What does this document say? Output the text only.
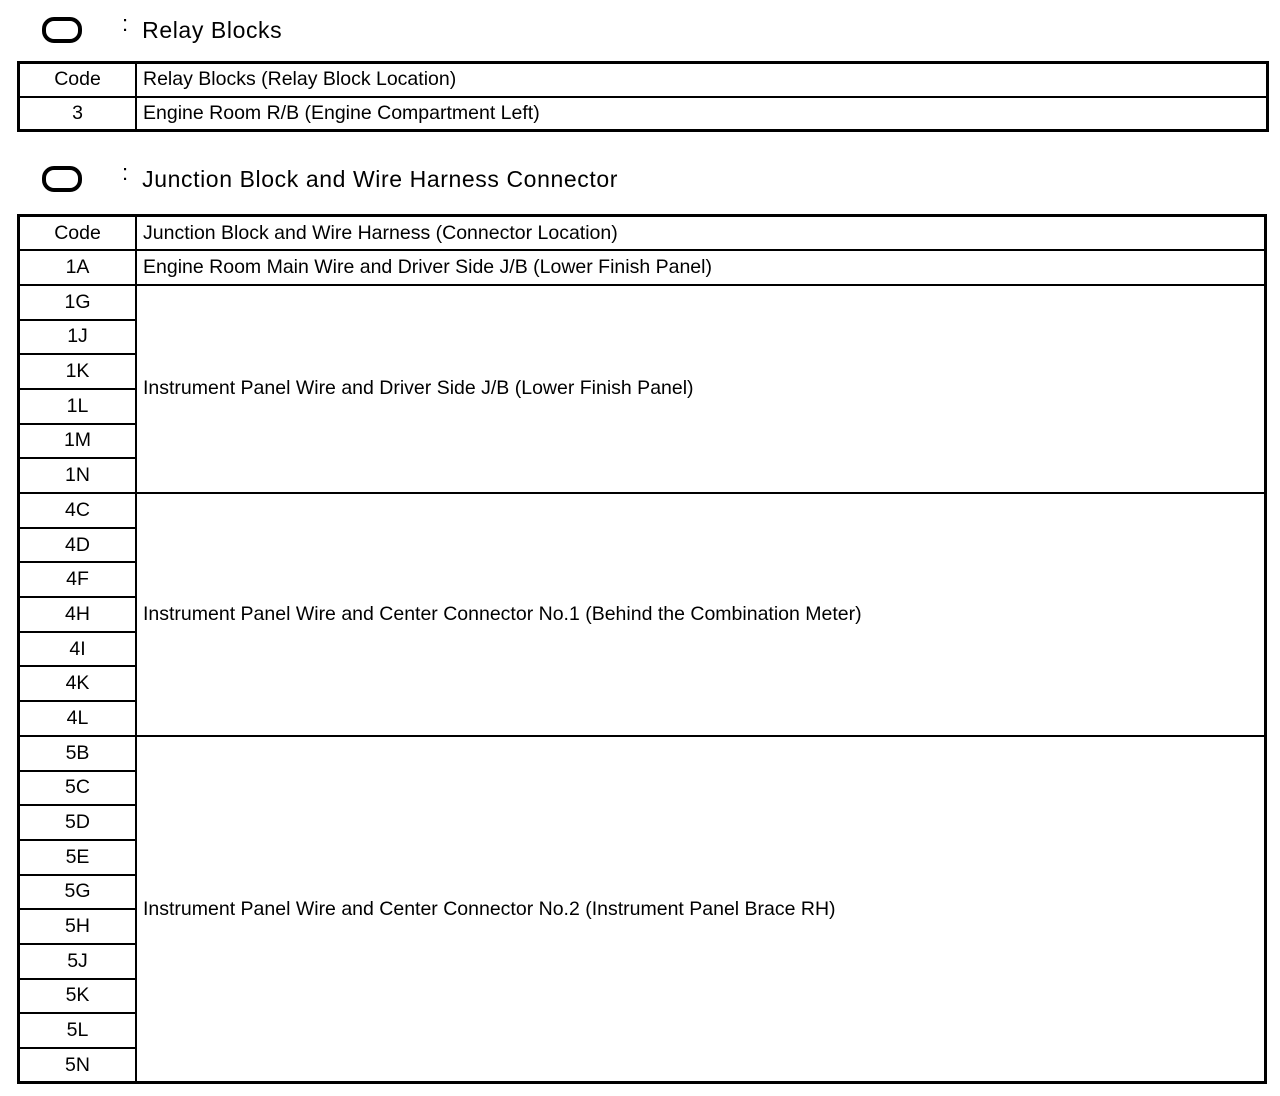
: Relay Blocks
Code	Relay Blocks (Relay Block Location)
3	Engine Room R/B (Engine Compartment Left)
: Junction Block and Wire Harness Connector
Code	Junction Block and Wire Harness (Connector Location)
1A	Engine Room Main Wire and Driver Side J/B (Lower Finish Panel)
1G	Instrument Panel Wire and Driver Side J/B (Lower Finish Panel)
1J	
1K	
1L	
1M	
1N	
4C	Instrument Panel Wire and Center Connector No.1 (Behind the Combination Meter)
4D	
4F	
4H	
4I	
4K	
4L	
5B	Instrument Panel Wire and Center Connector No.2 (Instrument Panel Brace RH)
5C	
5D	
5E	
5G	
5H	
5J	
5K	
5L	
5N	
